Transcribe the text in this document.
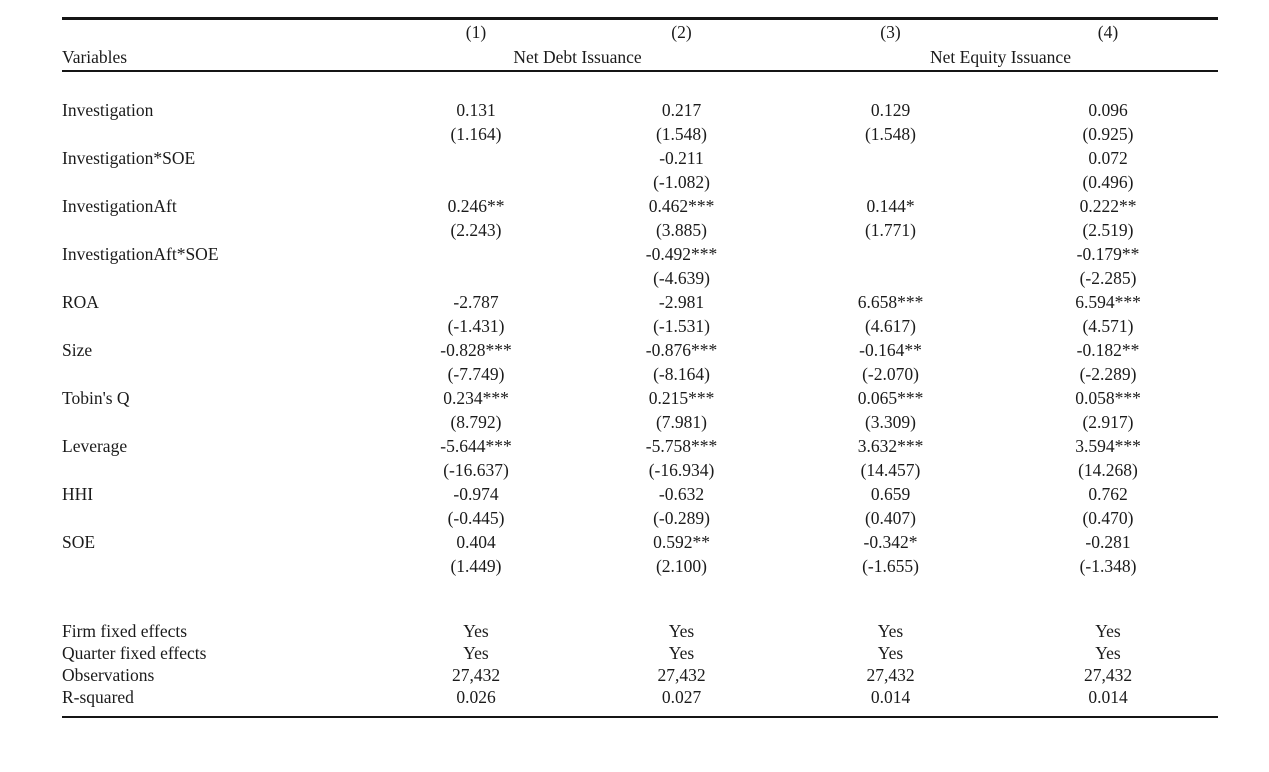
	(1)	(2)	(3)	(4)
Variables	Net Debt Issuance		Net Equity Issuance	

Investigation	0.131	0.217	0.129	0.096
	(1.164)	(1.548)	(1.548)	(0.925)
Investigation*SOE		-0.211		0.072
		(-1.082)		(0.496)
InvestigationAft	0.246**	0.462***	0.144*	0.222**
	(2.243)	(3.885)	(1.771)	(2.519)
InvestigationAft*SOE		-0.492***		-0.179**
		(-4.639)		(-2.285)
ROA	-2.787	-2.981	6.658***	6.594***
	(-1.431)	(-1.531)	(4.617)	(4.571)
Size	-0.828***	-0.876***	-0.164**	-0.182**
	(-7.749)	(-8.164)	(-2.070)	(-2.289)
Tobin's Q	0.234***	0.215***	0.065***	0.058***
	(8.792)	(7.981)	(3.309)	(2.917)
Leverage	-5.644***	-5.758***	3.632***	3.594***
	(-16.637)	(-16.934)	(14.457)	(14.268)
HHI	-0.974	-0.632	0.659	0.762
	(-0.445)	(-0.289)	(0.407)	(0.470)
SOE	0.404	0.592**	-0.342*	-0.281
	(1.449)	(2.100)	(-1.655)	(-1.348)

Firm fixed effects	Yes	Yes	Yes	Yes
Quarter fixed effects	Yes	Yes	Yes	Yes
Observations	27,432	27,432	27,432	27,432
R-squared	0.026	0.027	0.014	0.014
